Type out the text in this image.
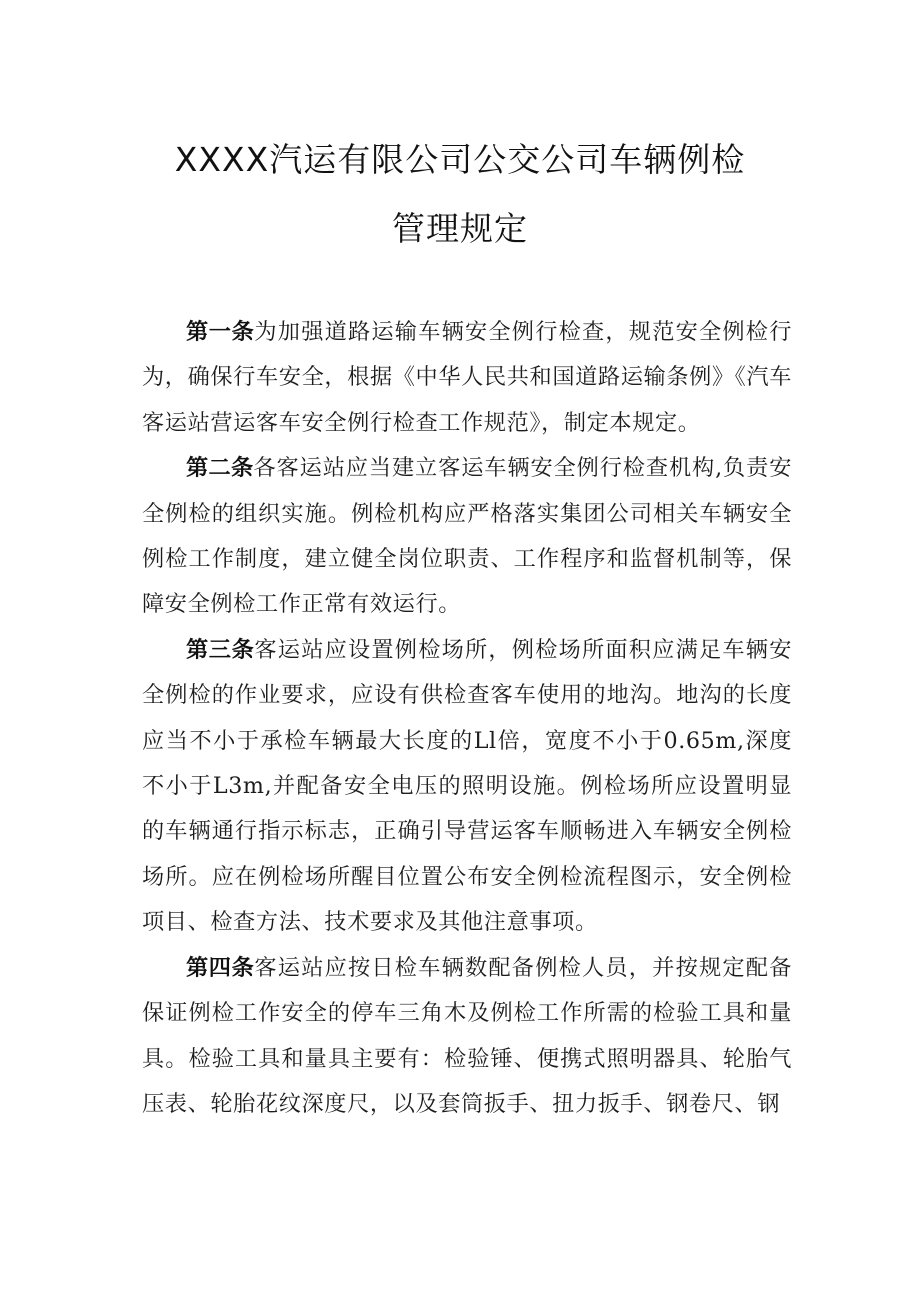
XXXX汽运有限公司公交公司车辆例检
管理规定

第一条为加强道路运输车辆安全例行检查，规范安全例检行为，确保行车安全，根据《中华人民共和国道路运输条例》《汽车客运站营运客车安全例行检查工作规范》，制定本规定。

第二条各客运站应当建立客运车辆安全例行检查机构,负责安全例检的组织实施。例检机构应严格落实集团公司相关车辆安全例检工作制度，建立健全岗位职责、工作程序和监督机制等，保障安全例检工作正常有效运行。

第三条客运站应设置例检场所，例检场所面积应满足车辆安全例检的作业要求，应设有供检查客车使用的地沟。地沟的长度应当不小于承检车辆最大长度的Ll倍，宽度不小于0.65m,深度不小于L3m,并配备安全电压的照明设施。例检场所应设置明显的车辆通行指示标志，正确引导营运客车顺畅进入车辆安全例检场所。应在例检场所醒目位置公布安全例检流程图示，安全例检项目、检查方法、技术要求及其他注意事项。

第四条客运站应按日检车辆数配备例检人员，并按规定配备保证例检工作安全的停车三角木及例检工作所需的检验工具和量具。检验工具和量具主要有：检验锤、便携式照明器具、轮胎气压表、轮胎花纹深度尺，以及套筒扳手、扭力扳手、钢卷尺、钢
